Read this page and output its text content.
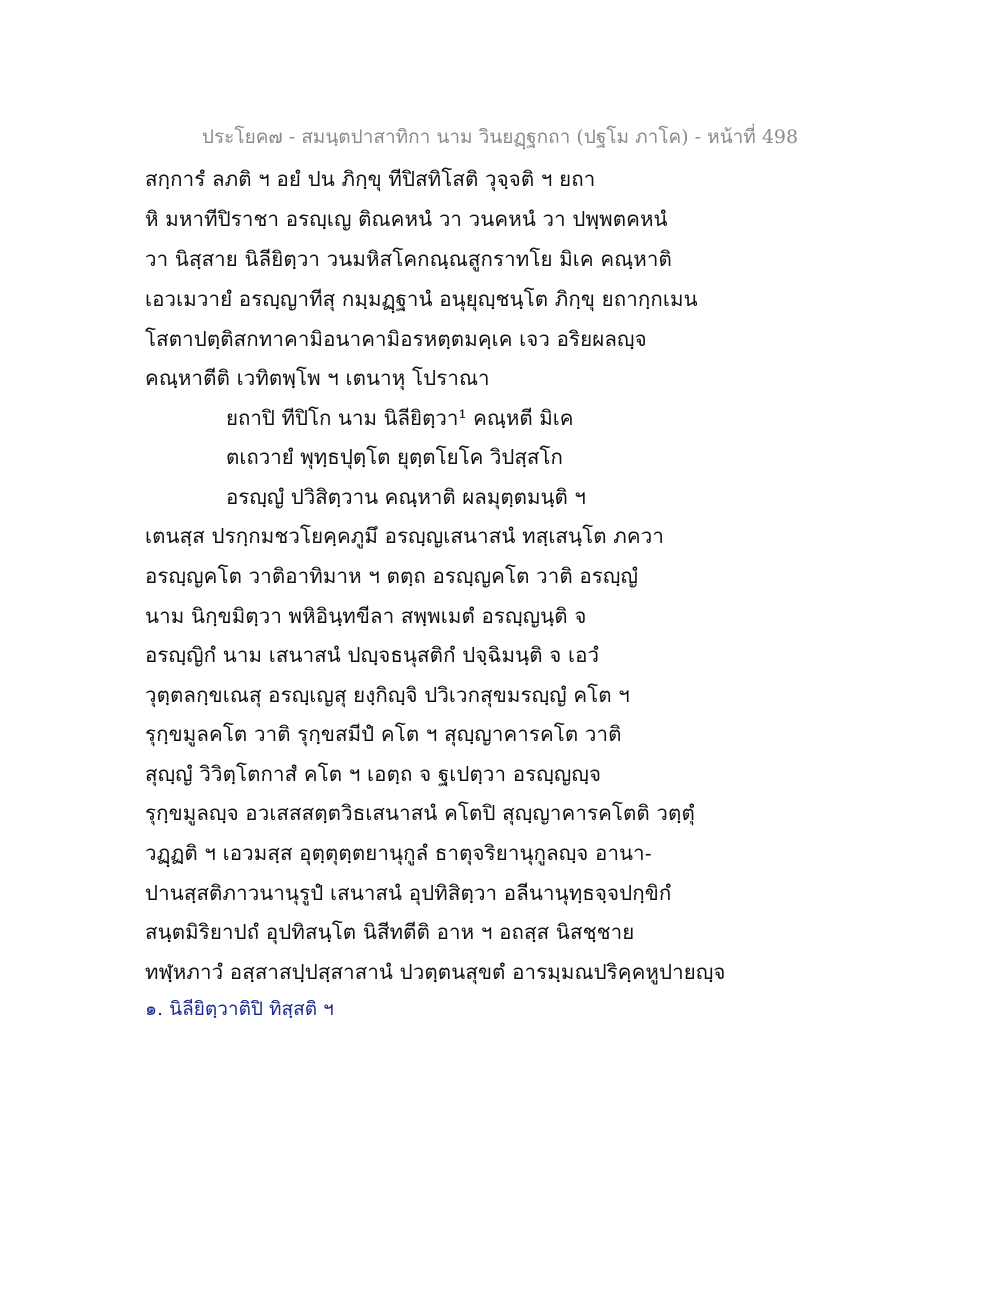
ประโยค๗ - สมนฺตปาสาทิกา นาม วินยฏฺฐกถา (ปฐโม ภาโค) - หน้าที่ 498
สกฺการํ ลภติ ฯ อยํ ปน ภิกฺขุ ทีปิสทิโสติ วุจฺจติ ฯ ยถา
หิ มหาทีปิราชา อรญฺเญ ติณคหนํ วา วนคหนํ วา ปพฺพตคหนํ
วา นิสฺสาย นิลียิตฺวา วนมหิสโคกณฺณสูกราทโย มิเค คณฺหาติ
เอวเมวายํ อรญฺญาทีสุ กมฺมฏฺฐานํ อนุยุญฺชนฺโต ภิกฺขุ ยถากฺกเมน
โสตาปตฺติสกทาคามิอนาคามิอรหตฺตมคฺเค เจว อริยผลญฺจ
คณฺหาตีติ เวทิตพฺโพ ฯ เตนาหุ โปราณา
ยถาปิ ทีปิโก นาม นิลียิตฺวา¹ คณฺหตี มิเค
ตเถวายํ พุทฺธปุตฺโต ยุตฺตโยโค วิปสฺสโก
อรญฺญํ ปวิสิตฺวาน คณฺหาติ ผลมุตฺตมนฺติ ฯ
เตนสฺส ปรกฺกมชวโยคฺคภูมึ อรญฺญเสนาสนํ ทสฺเสนฺโต ภควา
อรญฺญคโต วาติอาทิมาห ฯ ตตฺถ อรญฺญคโต วาติ อรญฺญํ
นาม นิกฺขมิตฺวา พหิอินฺทขีลา สพฺพเมตํ อรญฺญนฺติ จ
อรญฺญิกํ นาม เสนาสนํ ปญฺจธนุสติกํ ปจฺฉิมนฺติ จ เอวํ
วุตฺตลกฺขเณสุ อรญฺเญสุ ยงฺกิญฺจิ ปวิเวกสุขมรญฺญํ คโต ฯ
รุกฺขมูลคโต วาติ รุกฺขสมีปํ คโต ฯ สุญฺญาคารคโต วาติ
สุญฺญํ วิวิตฺโตกาสํ คโต ฯ เอตฺถ จ ฐเปตฺวา อรญฺญญฺจ
รุกฺขมูลญฺจ อวเสสสตฺตวิธเสนาสนํ คโตปิ สุญฺญาคารคโตติ วตฺตุํ
วฏฺฏติ ฯ เอวมสฺส อุตฺตุตฺตยานุกูลํ ธาตุจริยานุกูลญฺจ อานา-
ปานสฺสติภาวนานุรูปํ เสนาสนํ อุปทิสิตฺวา อลีนานุทฺธจฺจปกฺขิกํ
สนฺตมิริยาปถํ อุปทิสนฺโต นิสีทตีติ อาห ฯ อถสฺส นิสชฺชาย
ทฬฺหภาวํ อสฺสาสปฺปสฺสาสานํ ปวตฺตนสุขตํ อารมฺมณปริคฺคหูปายญฺจ
๑. นิลียิตฺวาติปิ ทิสฺสติ ฯ
